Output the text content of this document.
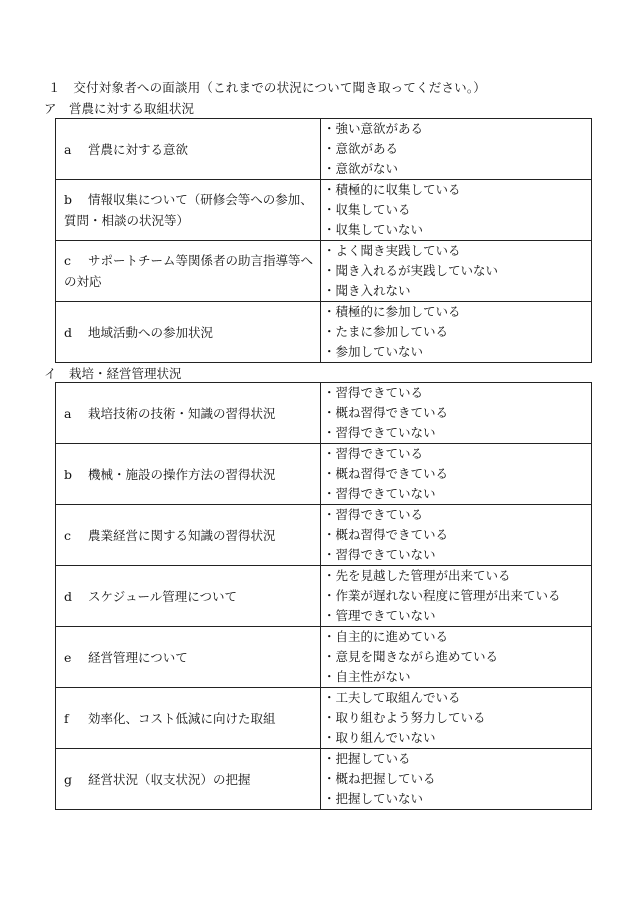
１　交付対象者への面談用（これまでの状況について聞き取ってください。）
ア　営農に対する取組状況
a 営農に対する意欲	・強い意欲がある
・意欲がある
・意欲がない

b 情報収集について（研修会等への参加、質問・相談の状況等）	・積極的に収集している
・収集している
・収集していない

c サポートチーム等関係者の助言指導等への対応	・よく聞き実践している
・聞き入れるが実践していない
・聞き入れない

d 地域活動への参加状況	・積極的に参加している
・たまに参加している
・参加していない
イ　栽培・経営管理状況
a 栽培技術の技術・知識の習得状況	・習得できている
・概ね習得できている
・習得できていない

b 機械・施設の操作方法の習得状況	・習得できている
・概ね習得できている
・習得できていない

c 農業経営に関する知識の習得状況	・習得できている
・概ね習得できている
・習得できていない

d スケジュール管理について	・先を見越した管理が出来ている
・作業が遅れない程度に管理が出来ている
・管理できていない

e 経営管理について	・自主的に進めている
・意見を聞きながら進めている
・自主性がない

f 効率化、コスト低減に向けた取組	・工夫して取組んでいる
・取り組むよう努力している
・取り組んでいない

g 経営状況（収支状況）の把握	・把握している
・概ね把握している
・把握していない
